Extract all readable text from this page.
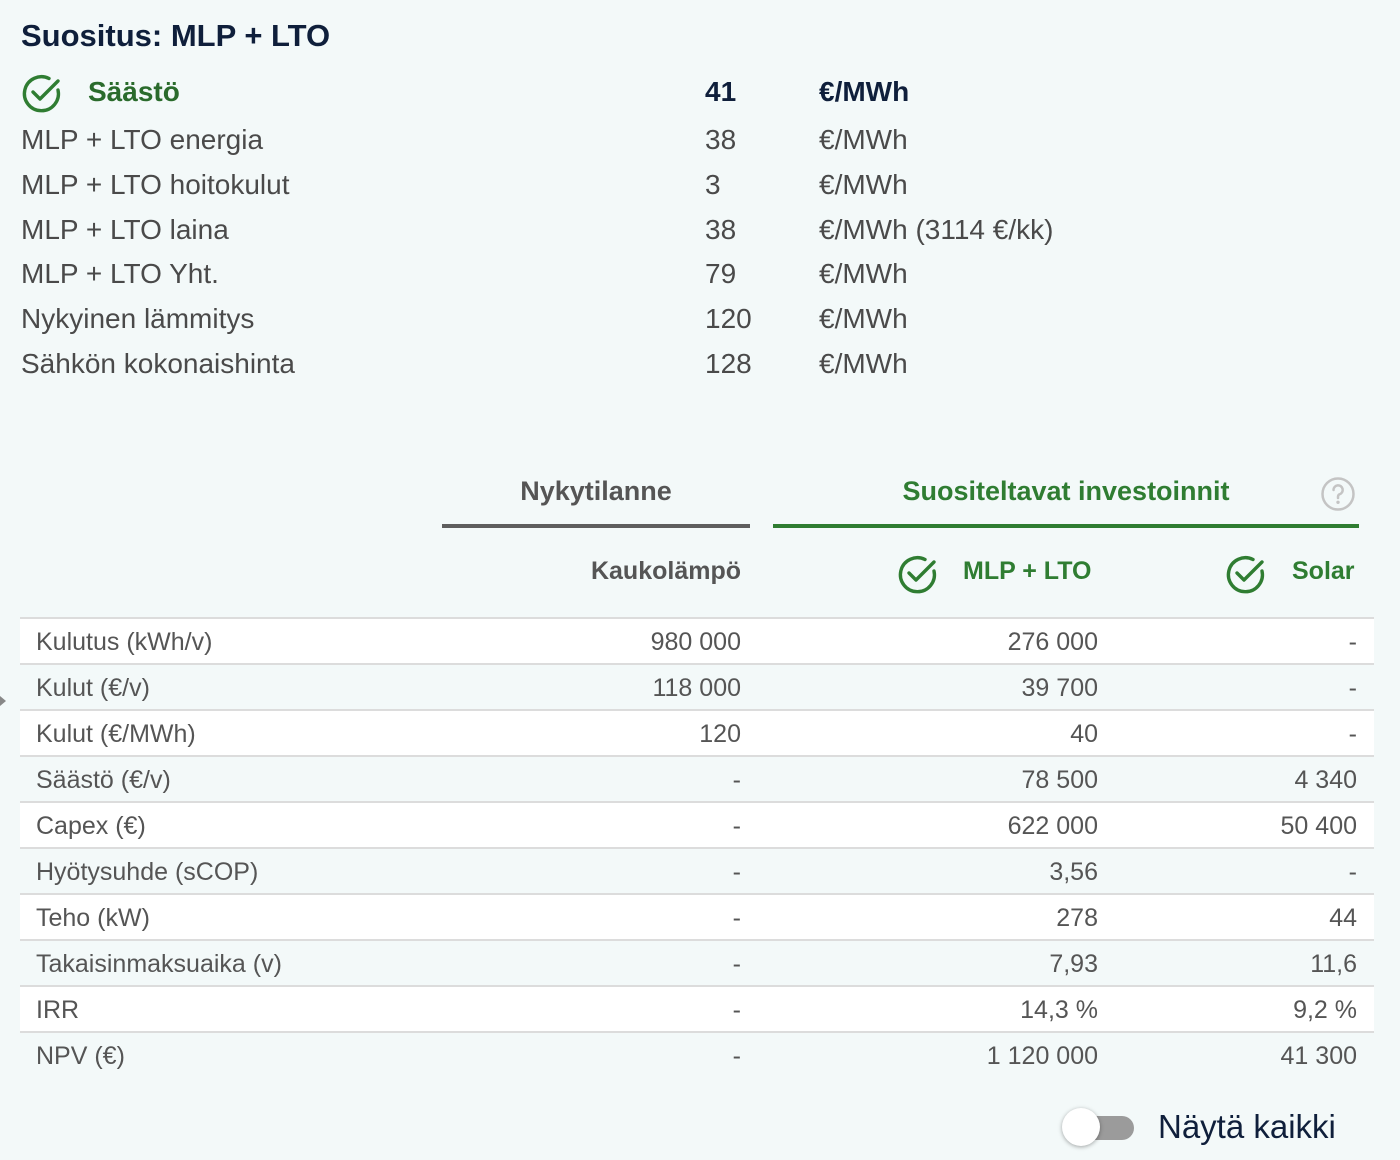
Suositus: MLP + LTO
Säästö	41	€/MWh
MLP + LTO energia	38	€/MWh
MLP + LTO hoitokulut	3	€/MWh
MLP + LTO laina	38	€/MWh (3114 €/kk)
MLP + LTO Yht.	79	€/MWh
Nykyinen lämmitys	120 €/MWh
Sähkön kokonaishinta	128 €/MWh
Nykytilanne	Suositeltavat investoinnit
Kaukolämpö	MLP + LTO	Solar
Kulutus (kWh/v)	980 000	276 000	-
Kulut (€/v)	118 000	39 700	-
Kulut (€/MWh)	120	40	-
Säästö (€/v)	-	78 500	4 340
Capex (€)	-	622 000	50 400
Hyötysuhde (sCOP)	-	3,56	-
Teho (kW)	-	278	44
Takaisinmaksuaika (v)	-	7,93	11,6
IRR	-	14,3 %	9,2 %
NPV (€)	-	1 120 000	41 300
Näytä kaikki
